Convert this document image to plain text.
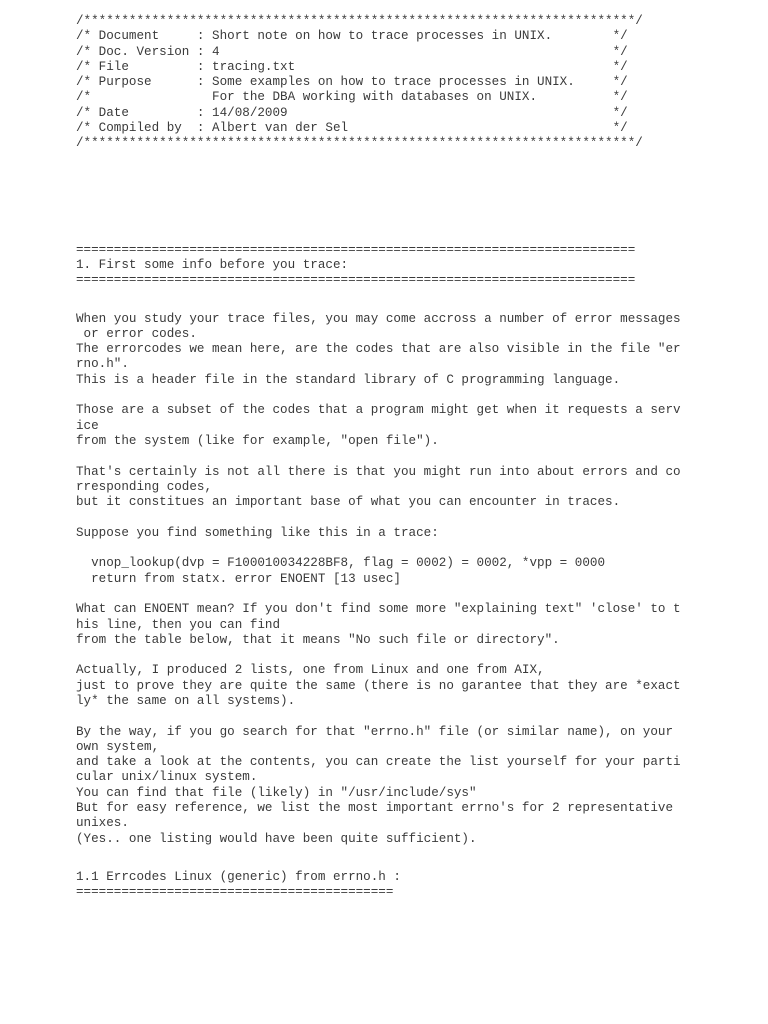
/*************************************************************************/
/* Document     : Short note on how to trace processes in UNIX.        */
/* Doc. Version : 4                                                    */
/* File         : tracing.txt                                          */
/* Purpose      : Some examples on how to trace processes in UNIX.     */
/*                For the DBA working with databases on UNIX.          */
/* Date         : 14/08/2009                                           */
/* Compiled by  : Albert van der Sel                                   */
/*************************************************************************/
==========================================================================
1. First some info before you trace:
==========================================================================
When you study your trace files, you may come accross a number of error messages
or error codes.
The errorcodes we mean here, are the codes that are also visible in the file "er
rno.h".
This is a header file in the standard library of C programming language.
Those are a subset of the codes that a program might get when it requests a serv
ice
from the system (like for example, "open file").
That's certainly is not all there is that you might run into about errors and co
rresponding codes,
but it constitues an important base of what you can encounter in traces.
Suppose you find something like this in a trace:
vnop_lookup(dvp = F100010034228BF8, flag = 0002) = 0002, *vpp = 0000
return from statx. error ENOENT [13 usec]
What can ENOENT mean? If you don't find some more "explaining text" 'close' to t
his line, then you can find
from the table below, that it means "No such file or directory".
Actually, I produced 2 lists, one from Linux and one from AIX,
just to prove they are quite the same (there is no garantee that they are *exact
ly* the same on all systems).
By the way, if you go search for that "errno.h" file (or similar name), on your
own system,
and take a look at the contents, you can create the list yourself for your parti
cular unix/linux system.
You can find that file (likely) in "/usr/include/sys"
But for easy reference, we list the most important errno's for 2 representative
unixes.
(Yes.. one listing would have been quite sufficient).
1.1 Errcodes Linux (generic) from errno.h :
==========================================
